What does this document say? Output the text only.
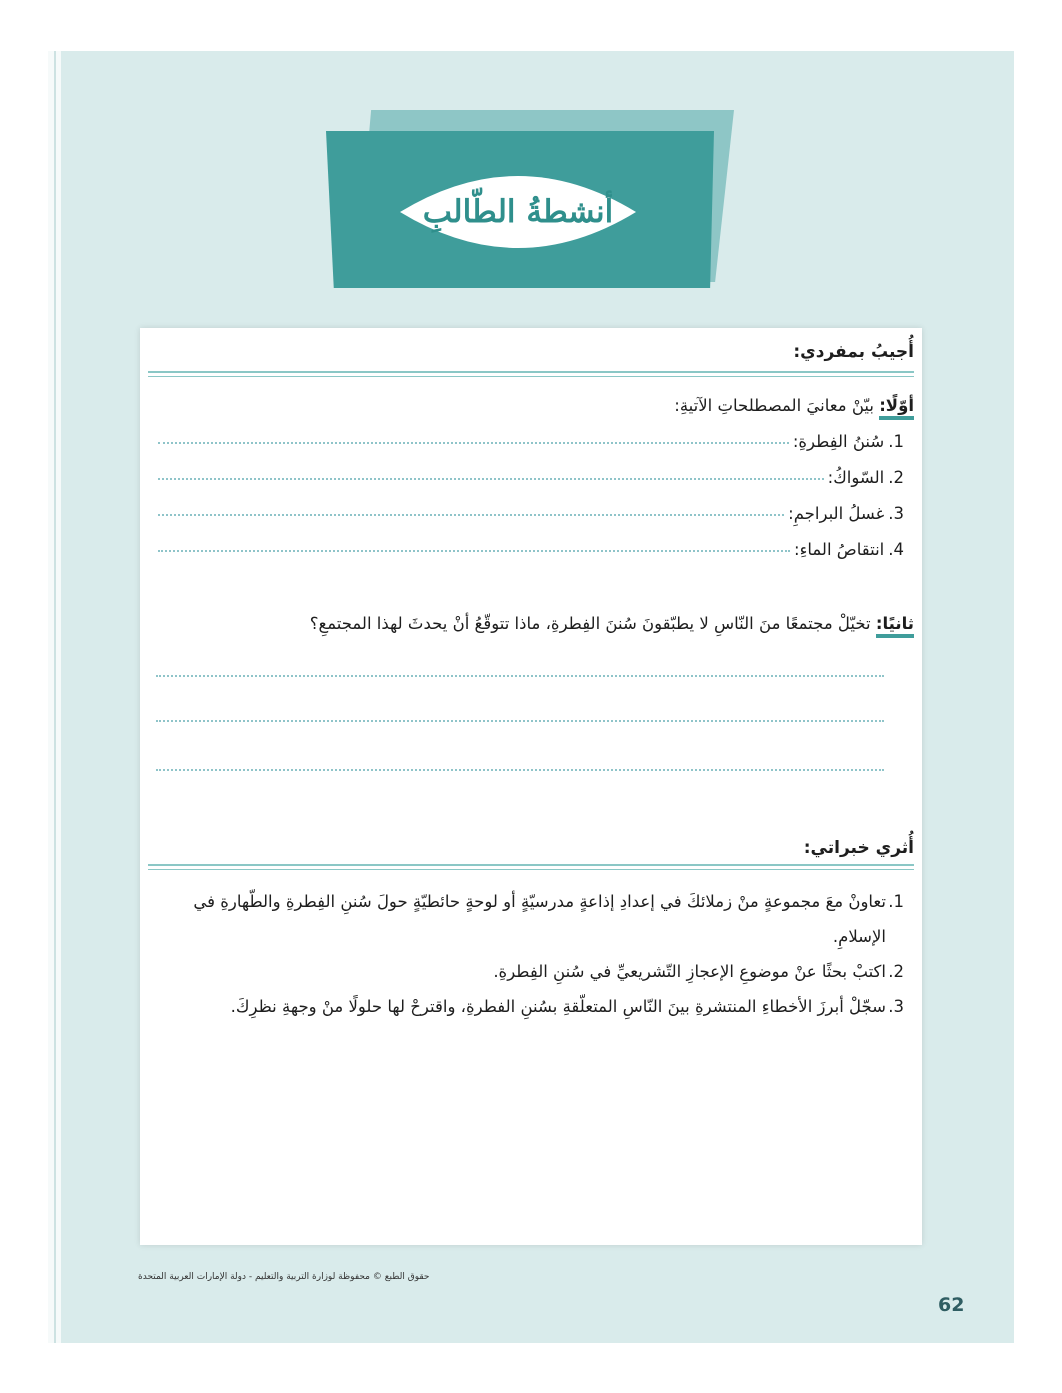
أنشطةُ الطّالبِ
أُجيبُ بمفردي:
أوّلًا: بيّنْ معانيَ المصطلحاتِ الآتيةِ:
1.
سُننُ الفِطرةِ:
2.
السّواكُ:
3.
غسلُ البراجمِ:
4.
انتقاصُ الماءِ:
ثانيًا: تخيّلْ مجتمعًا منَ النّاسِ لا يطبّقونَ سُننَ الفِطرةِ، ماذا تتوقّعُ أنْ يحدثَ لهذا المجتمعِ؟
أُثري خبراتي:
1.
تعاونْ معَ مجموعةٍ منْ زملائكَ في إعدادِ إذاعةٍ مدرسيّةٍ أو لوحةٍ حائطيّةٍ حولَ سُننِ الفِطرةِ والطّهارةِ في الإسلامِ.
2.
اكتبْ بحثًا عنْ موضوعِ الإعجازِ التّشريعيِّ في سُننِ الفِطرةِ.
3.
سجّلْ أبرزَ الأخطاءِ المنتشرةِ بينَ النّاسِ المتعلّقةِ بسُننِ الفطرةِ، واقترحْ لها حلولًا منْ وجهةِ نظرِكَ.
حقوق الطبع © محفوظة لوزارة التربية والتعليم - دولة الإمارات العربية المتحدة
62
